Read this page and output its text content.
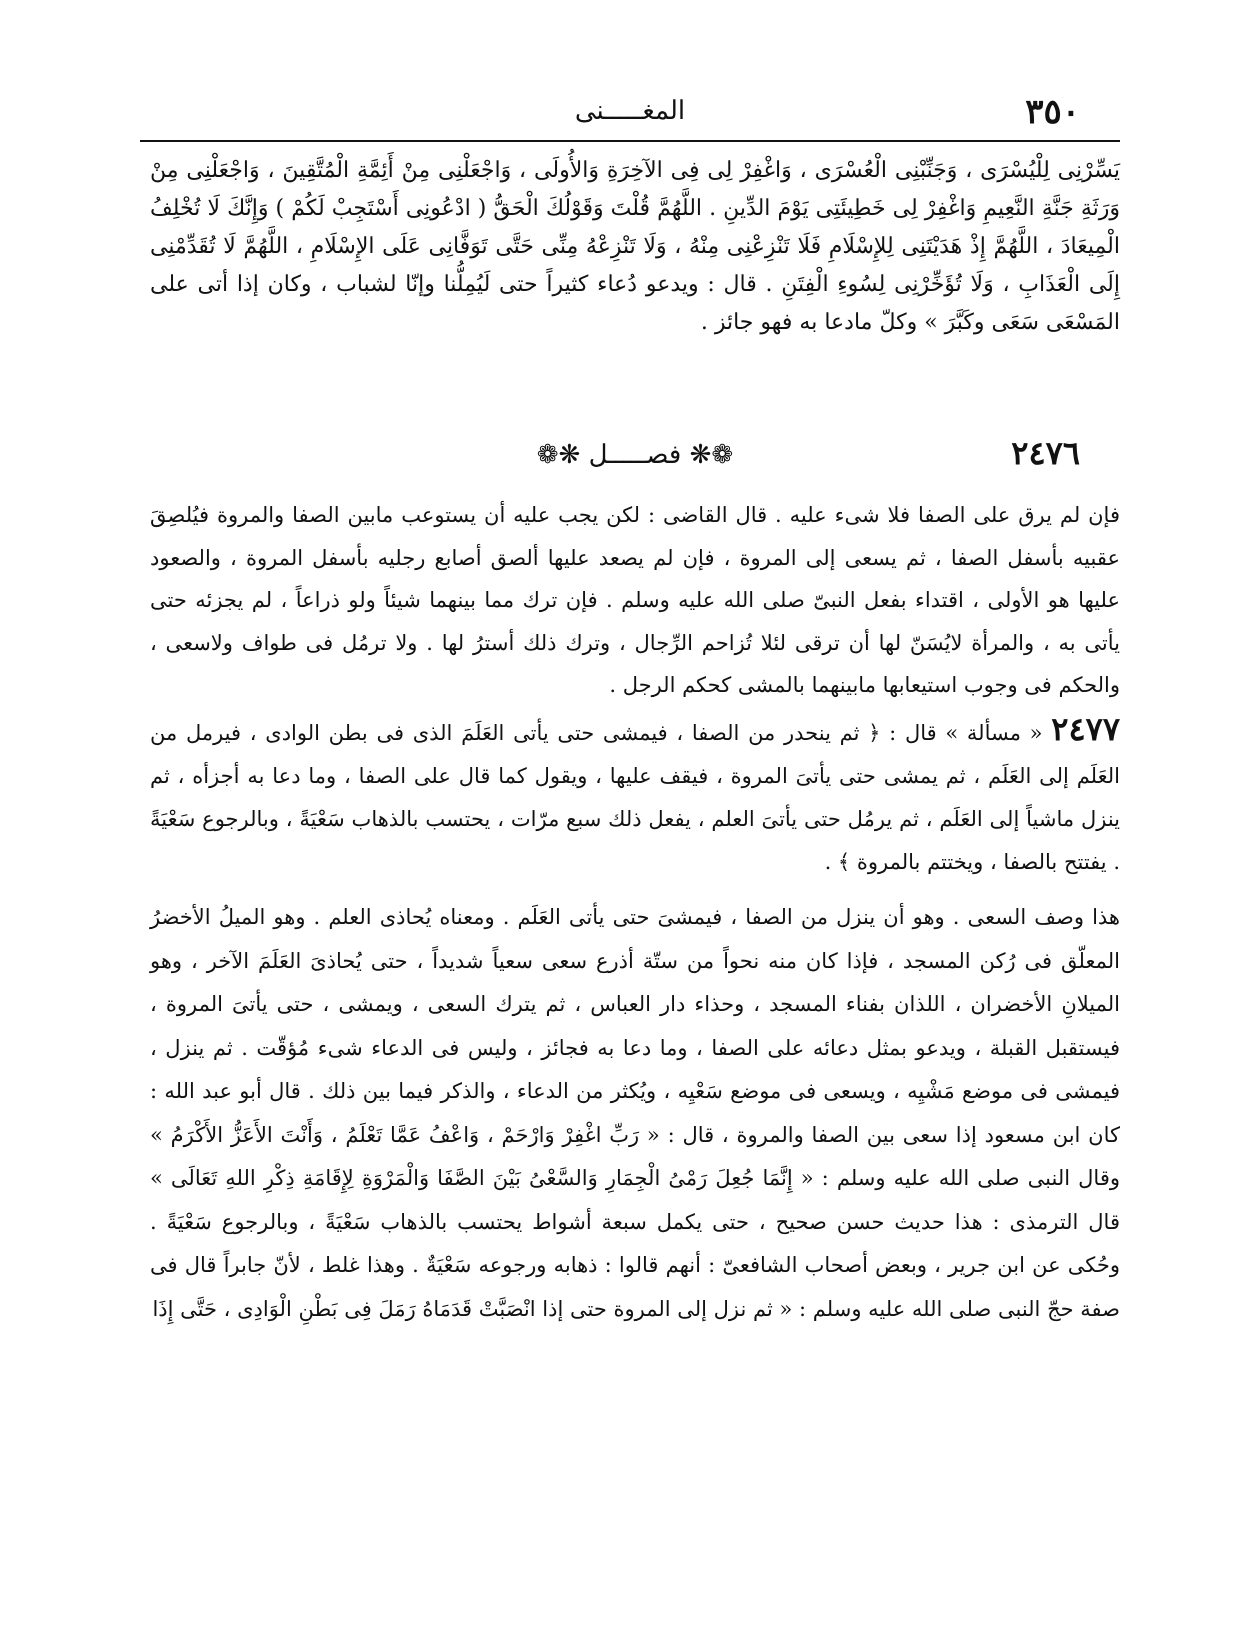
٣٥٠
المغـــــنى

يَسِّرْنِى لِلْيُسْرَى ، وَجَنِّبْنِى الْعُسْرَى ، وَاغْفِرْ لِى فِى الآخِرَةِ وَالأُولَى ، وَاجْعَلْنِى مِنْ أَئِمَّةِ الْمُتَّقِينَ ، وَاجْعَلْنِى مِنْ وَرَثَةِ جَنَّةِ النَّعِيمِ وَاغْفِرْ لِى خَطِيئَتِى يَوْمَ الدِّينِ . اللَّهُمَّ قُلْتَ وَقَوْلُكَ الْحَقُّ ( ادْعُونِى أَسْتَجِبْ لَكُمْ ) وَإِنَّكَ لَا تُخْلِفُ الْمِيعَادَ ، اللَّهُمَّ إِذْ هَدَيْتَنِى لِلإِسْلَامِ فَلَا تَنْزِعْنِى مِنْهُ ، وَلَا تَنْزِعْهُ مِنِّى حَتَّى تَوَفَّانِى عَلَى الإِسْلَامِ ، اللَّهُمَّ لَا تُقَدِّمْنِى إِلَى الْعَذَابِ ، وَلَا تُؤَخِّرْنِى لِسُوءِ الْفِتَنِ . قال : ويدعو دُعاء كثيراً حتى لَيُمِلُّنا وإنّا لشباب ، وكان إذا أتى على المَسْعَى سَعَى وكَبَّرَ » وكلّ مادعا به فهو جائز .

٢٤٧٦
❁❋ فصـــــل ❋❁

فإن لم يرق على الصفا فلا شىء عليه . قال القاضى : لكن يجب عليه أن يستوعب مابين الصفا والمروة فيُلصِقَ عقبيه بأسفل الصفا ، ثم يسعى إلى المروة ، فإن لم يصعد عليها ألصق أصابع رجليه بأسفل المروة ، والصعود عليها هو الأولى ، اقتداء بفعل النبىّ صلى الله عليه وسلم . فإن ترك مما بينهما شيئاً ولو ذراعاً ، لم يجزئه حتى يأتى به ، والمرأة لايُسَنّ لها أن ترقى لئلا تُزاحم الرِّجال ، وترك ذلك أسترُ لها . ولا ترمُل فى طواف ولاسعى ، والحكم فى وجوب استيعابها مابينهما بالمشى كحكم الرجل .

٢٤٧٧ « مسألة » قال : ﴿ ثم ينحدر من الصفا ، فيمشى حتى يأتى العَلَمَ الذى فى بطن الوادى ، فيرمل من العَلَم إلى العَلَم ، ثم يمشى حتى يأتىَ المروة ، فيقف عليها ، ويقول كما قال على الصفا ، وما دعا به أجزأه ، ثم ينزل ماشياً إلى العَلَم ، ثم يرمُل حتى يأتىَ العلم ، يفعل ذلك سبع مرّات ، يحتسب بالذهاب سَعْيَةً ، وبالرجوع سَعْيَةً . يفتتح بالصفا ، ويختتم بالمروة ﴾ .

هذا وصف السعى . وهو أن ينزل من الصفا ، فيمشىَ حتى يأتى العَلَم . ومعناه يُحاذى العلم . وهو الميلُ الأخضرُ المعلّق فى رُكن المسجد ، فإذا كان منه نحواً من ستّة أذرع سعى سعياً شديداً ، حتى يُحاذىَ العَلَمَ الآخر ، وهو الميلانِ الأخضران ، اللذان بفناء المسجد ، وحذاء دار العباس ، ثم يترك السعى ، ويمشى ، حتى يأتىَ المروة ، فيستقبل القبلة ، ويدعو بمثل دعائه على الصفا ، وما دعا به فجائز ، وليس فى الدعاء شىء مُؤقّت . ثم ينزل ، فيمشى فى موضع مَشْيِه ، ويسعى فى موضع سَعْيِه ، ويُكثر من الدعاء ، والذكر فيما بين ذلك . قال أبو عبد الله : كان ابن مسعود إذا سعى بين الصفا والمروة ، قال : « رَبِّ اغْفِرْ وَارْحَمْ ، وَاعْفُ عَمَّا تَعْلَمُ ، وَأَنْتَ الأَعَزُّ الأَكْرَمُ » وقال النبى صلى الله عليه وسلم : « إِنَّمَا جُعِلَ رَمْىُ الْجِمَارِ وَالسَّعْىُ بَيْنَ الصَّفَا وَالْمَرْوَةِ لِإِقَامَةِ ذِكْرِ اللهِ تَعَالَى » قال الترمذى : هذا حديث حسن صحيح ، حتى يكمل سبعة أشواط يحتسب بالذهاب سَعْيَةً ، وبالرجوع سَعْيَةً . وحُكى عن ابن جرير ، وبعض أصحاب الشافعىّ : أنهم قالوا : ذهابه ورجوعه سَعْيَةٌ . وهذا غلط ، لأنّ جابراً قال فى صفة حجّ النبى صلى الله عليه وسلم : « ثم نزل إلى المروة حتى إذا انْصَبَّتْ قَدَمَاهُ رَمَلَ فِى بَطْنِ الْوَادِى ، حَتَّى إِذَا
